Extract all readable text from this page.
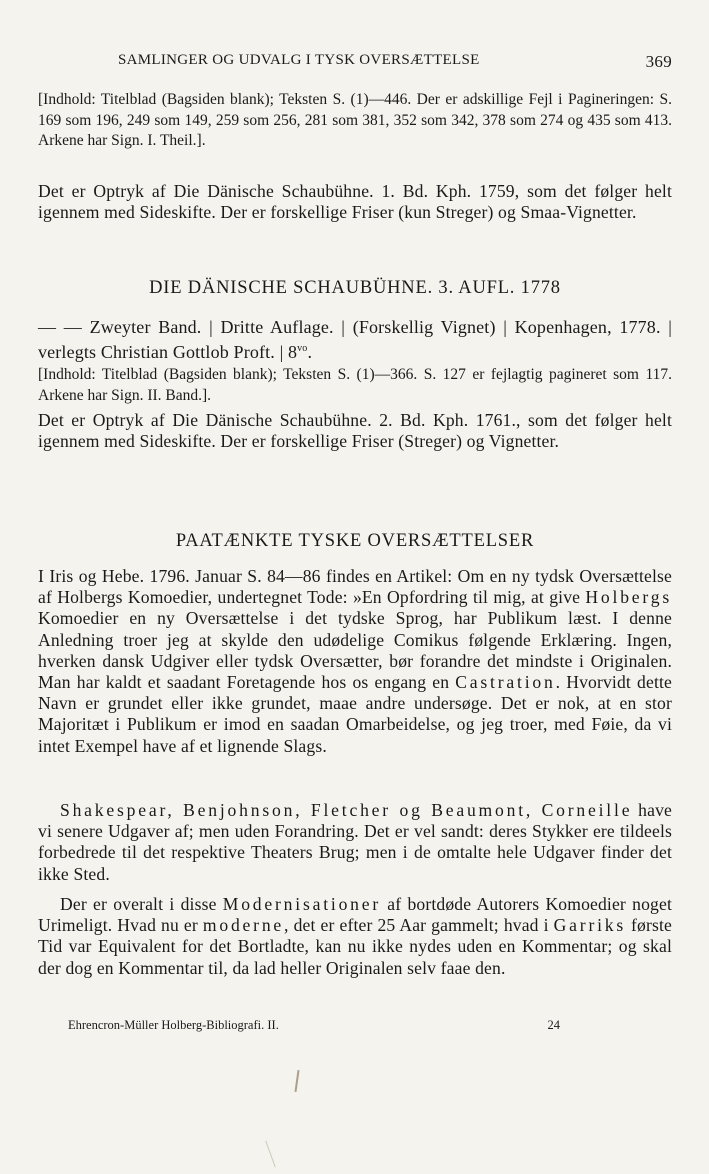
SAMLINGER OG UDVALG I TYSK OVERSÆTTELSE	369

[Indhold: Titelblad (Bagsiden blank); Teksten S. (1)—446. Der er adskillige Fejl i Pagineringen: S. 169 som 196, 249 som 149, 259 som 256, 281 som 381, 352 som 342, 378 som 274 og 435 som 413. Arkene har Sign. I. Theil.].

Det er Optryk af Die Dänische Schaubühne. 1. Bd. Kph. 1759, som det følger helt igennem med Sideskifte. Der er forskellige Friser (kun Streger) og Smaa-Vignetter.

DIE DÄNISCHE SCHAUBÜHNE. 3. AUFL. 1778

— — Zweyter Band. | Dritte Auflage. | (Forskellig Vignet) | Kopenhagen, 1778. | verlegts Christian Gottlob Proft. | $8^{vo}$.

[Indhold: Titelblad (Bagsiden blank); Teksten S. (1)—366. S. 127 er fejlagtig pagineret som 117. Arkene har Sign. II. Band.].

Det er Optryk af Die Dänische Schaubühne. 2. Bd. Kph. 1761., som det følger helt igennem med Sideskifte. Der er forskellige Friser (Streger) og Vignetter.

PAATÆNKTE TYSKE OVERSÆTTELSER

I Iris og Hebe. 1796. Januar S. 84—86 findes en Artikel: Om en ny tydsk Oversættelse af Holbergs Komoedier, undertegnet Tode: »En Opfordring til mig, at give Holbergs Komoedier en ny Oversættelse i det tydske Sprog, har Publikum læst. I denne Anledning troer jeg at skylde den udødelige Comikus følgende Erklæring. Ingen, hverken dansk Udgiver eller tydsk Oversætter, bør forandre det mindste i Originalen. Man har kaldt et saadant Foretagende hos os engang en Castration. Hvorvidt dette Navn er grundet eller ikke grundet, maae andre undersøge. Det er nok, at en stor Majoritæt i Publikum er imod en saadan Omarbeidelse, og jeg troer, med Føie, da vi intet Exempel have af et lignende Slags.

Shakespear, Benjohnson, Fletcher og Beaumont, Corneille have vi senere Udgaver af; men uden Forandring. Det er vel sandt: deres Stykker ere tildeels forbedrede til det respektive Theaters Brug; men i de omtalte hele Udgaver finder det ikke Sted.

Der er overalt i disse Modernisationer af bortdøde Autorers Komoedier noget Urimeligt. Hvad nu er moderne, det er efter 25 Aar gammelt; hvad i Garriks første Tid var Equivalent for det Bortladte, kan nu ikke nydes uden en Kommentar; og skal der dog en Kommentar til, da lad heller Originalen selv faae den.

Ehrencron-Müller Holberg-Bibliografi. II.	24
